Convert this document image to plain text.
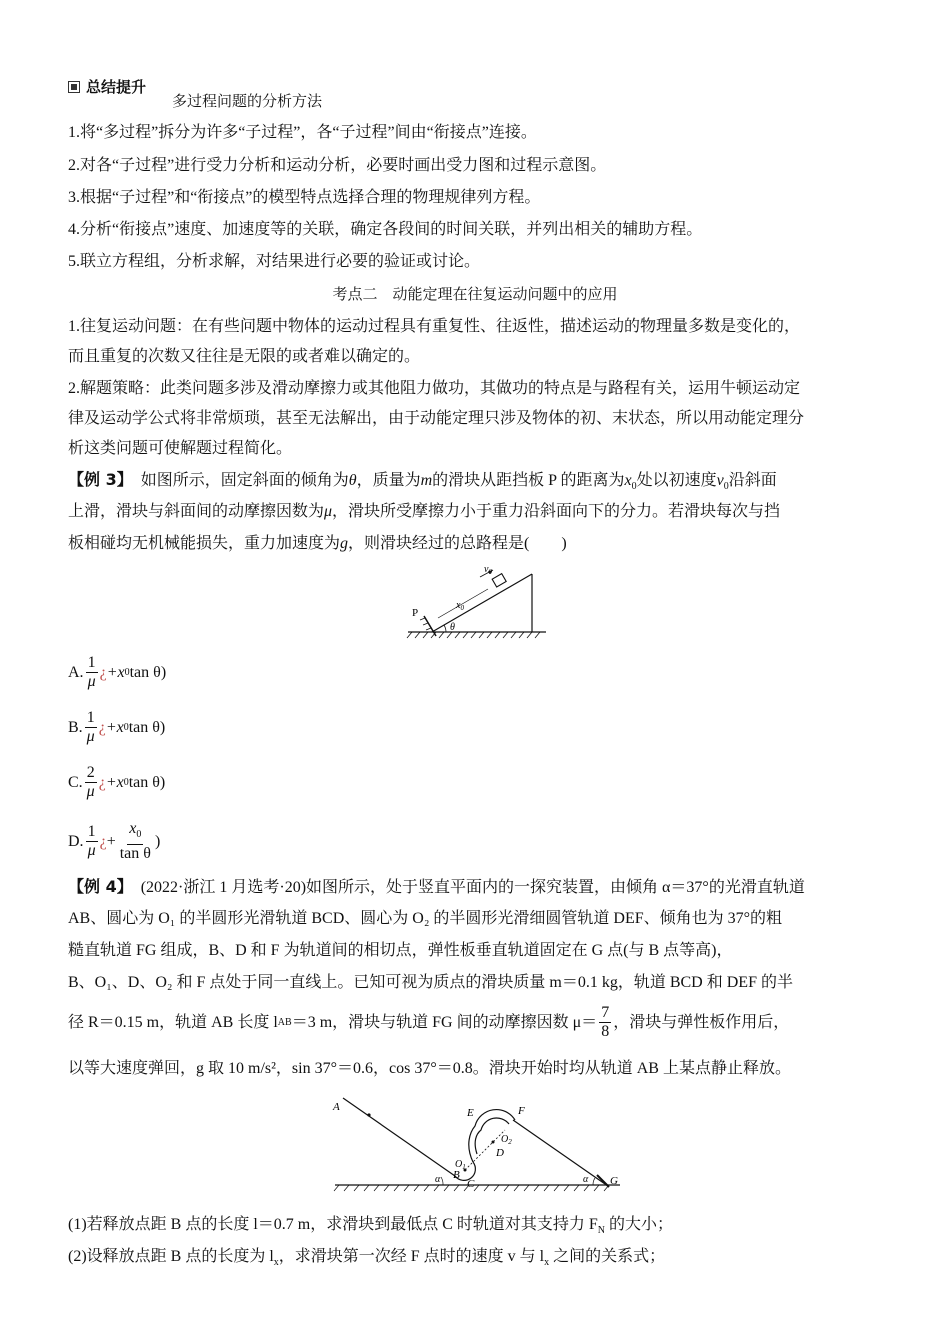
总结提升
多过程问题的分析方法
1.将“多过程”拆分为许多“子过程”，各“子过程”间由“衔接点”连接。
2.对各“子过程”进行受力分析和运动分析，必要时画出受力图和过程示意图。
3.根据“子过程”和“衔接点”的模型特点选择合理的物理规律列方程。
4.分析“衔接点”速度、加速度等的关联，确定各段间的时间关联，并列出相关的辅助方程。
5.联立方程组，分析求解，对结果进行必要的验证或讨论。
考点二　动能定理在往复运动问题中的应用
1.往复运动问题：在有些问题中物体的运动过程具有重复性、往返性，描述运动的物理量多数是变化的，
而且重复的次数又往往是无限的或者难以确定的。
2.解题策略：此类问题多涉及滑动摩擦力或其他阻力做功，其做功的特点是与路程有关，运用牛顿运动定
律及运动学公式将非常烦琐，甚至无法解出，由于动能定理只涉及物体的初、末状态，所以用动能定理分
析这类问题可使解题过程简化。
【例 3】　如图所示，固定斜面的倾角为θ，质量为m的滑块从距挡板 P 的距离为$x_0$处以初速度$v_0$沿斜面
上滑，滑块与斜面间的动摩擦因数为μ，滑块所受摩擦力小于重力沿斜面向下的分力。若滑块每次与挡
板相碰均无机械能损失，重力加速度为g，则滑块经过的总路程是(　　)
P
$v_0$
$x_0$
θ
A. $\frac{1}{\mu}$ ¿ +x 0 tan θ)
B. $\frac{1}{\mu}$ ¿ +x 0 tan θ)
C. $\frac{2}{\mu}$ ¿ +x 0 tan θ)
D. $\frac{1}{\mu}$ ¿ + $\frac{x_0}{\text{tan θ}}$ )
【例 4】　(2022·浙江 1 月选考·20)如图所示，处于竖直平面内的一探究装置，由倾角 α＝37°的光滑直轨道
AB、圆心为 O₁ 的半圆形光滑轨道 BCD、圆心为 O₂ 的半圆形光滑细圆管轨道 DEF、倾角也为 37°的粗
糙直轨道 FG 组成，B、D 和 F 为轨道间的相切点，弹性板垂直轨道固定在 G 点(与 B 点等高)，
B、O₁、D、O₂ 和 F 点处于同一直线上。已知可视为质点的滑块质量 m＝0.1 kg，轨道 BCD 和 DEF 的半
径 R＝0.15 m，轨道 AB 长度 l AB ＝3 m，滑块与轨道 FG 间的动摩擦因数 $\mu= \frac{7}{8}$ ，滑块与弹性板作用后，
以等大速度弹回，g 取 10 m/s²，sin 37°＝0.6，cos 37°＝0.8。滑块开始时均从轨道 AB 上某点静止释放。
A
B
C
D
E	F
G
$O_1$
$O_2$
α	α
(1)若释放点距 B 点的长度 l＝0.7 m，求滑块到最低点 C 时轨道对其支持力 $F_N$ 的大小；
(2)设释放点距 B 点的长度为 $l_x$，求滑块第一次经 F 点时的速度 v 与 $l_x$ 之间的关系式；
